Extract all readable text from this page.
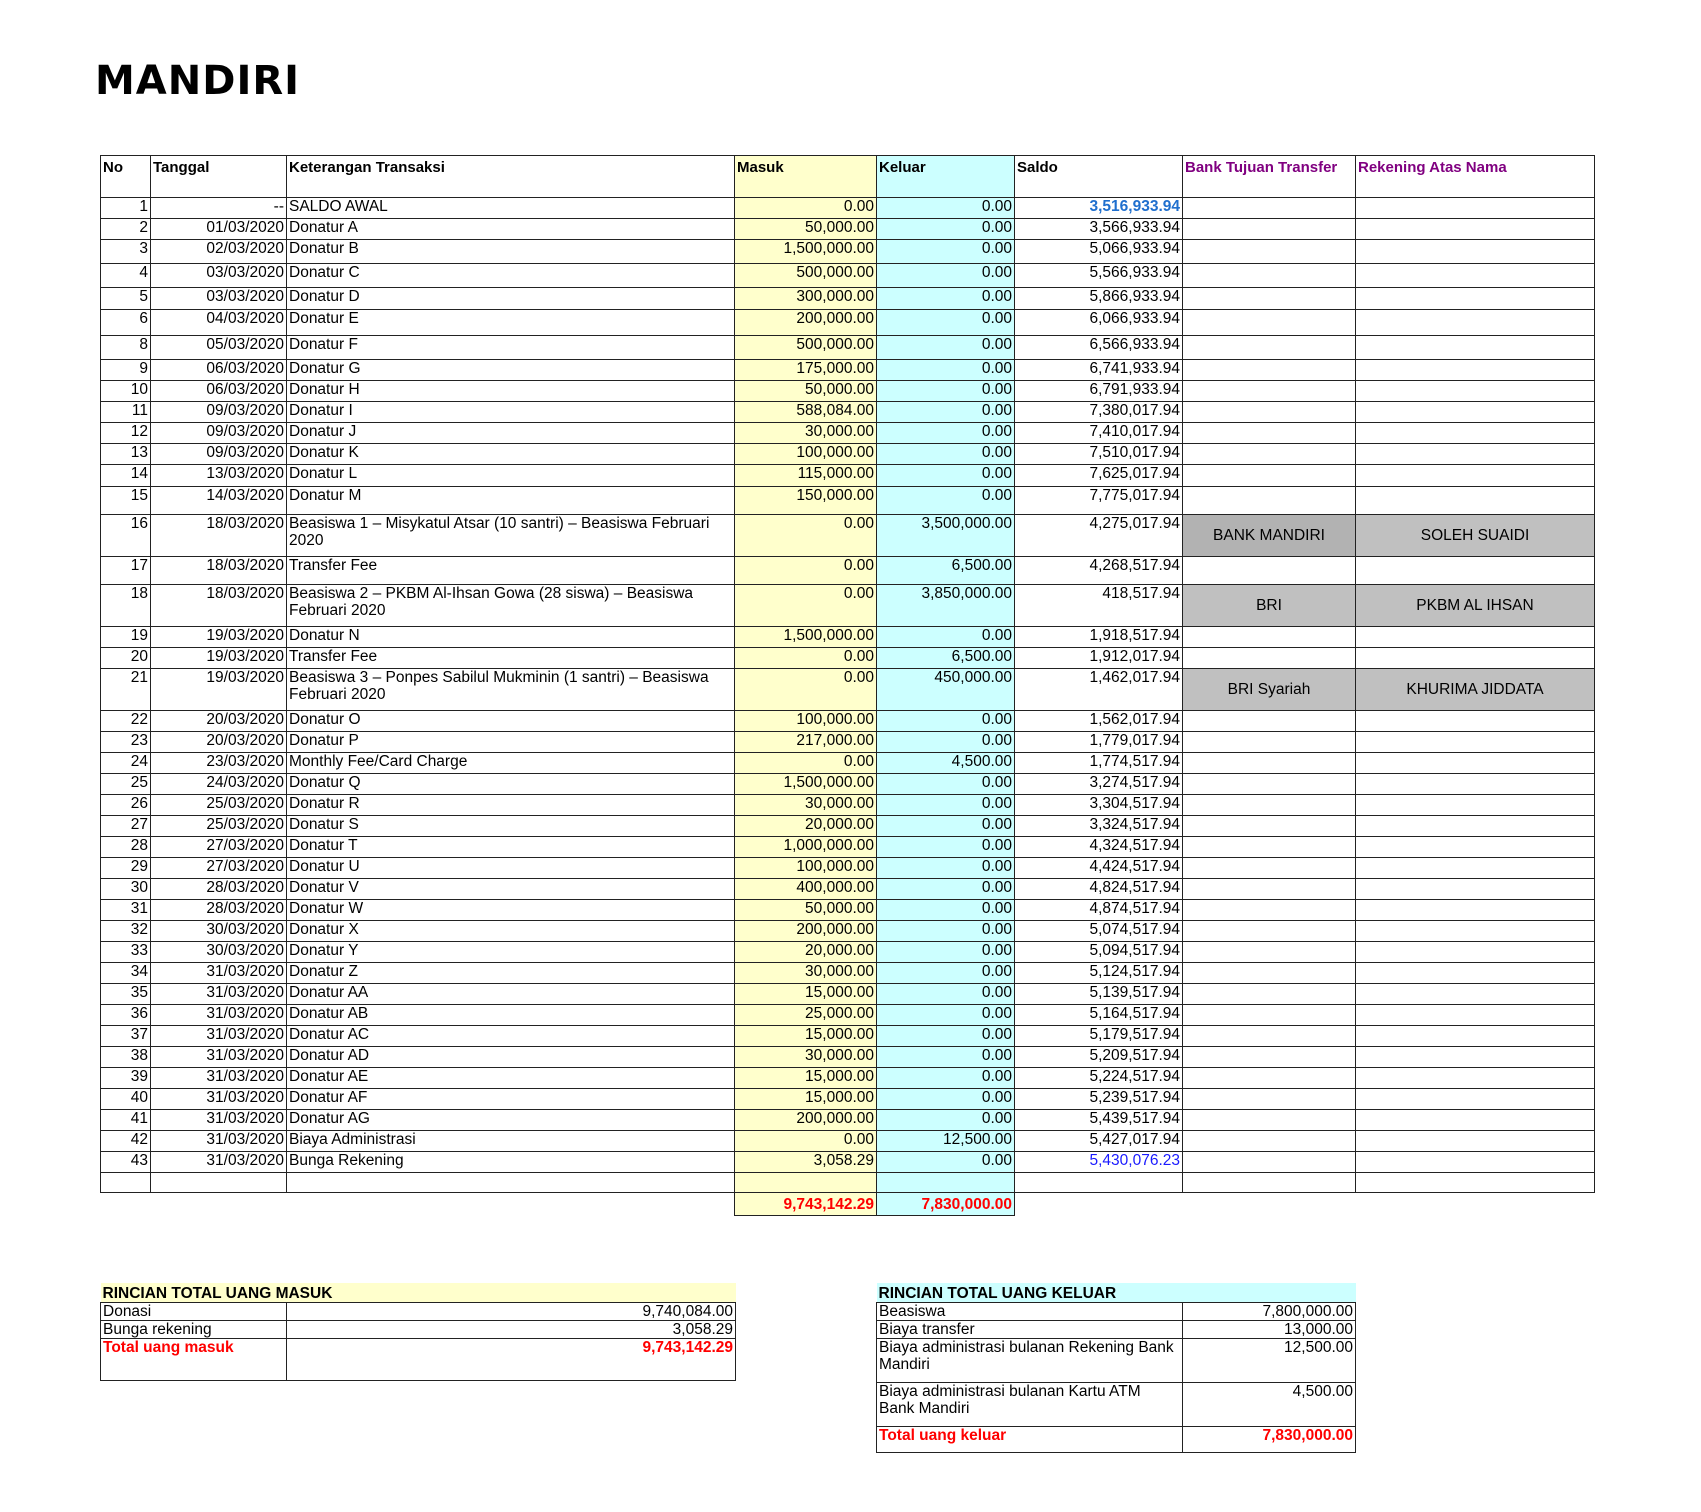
MANDIRI
No	Tanggal	Keterangan Transaksi	Masuk	Keluar	Saldo	Bank Tujuan Transfer	Rekening Atas Nama
1	--	SALDO AWAL	0.00	0.00	3,516,933.94		
2	01/03/2020	Donatur A	50,000.00	0.00	3,566,933.94		
3	02/03/2020	Donatur B	1,500,000.00	0.00	5,066,933.94		
4	03/03/2020	Donatur C	500,000.00	0.00	5,566,933.94		
5	03/03/2020	Donatur D	300,000.00	0.00	5,866,933.94		
6	04/03/2020	Donatur E	200,000.00	0.00	6,066,933.94		
8	05/03/2020	Donatur F	500,000.00	0.00	6,566,933.94		
9	06/03/2020	Donatur G	175,000.00	0.00	6,741,933.94		
10	06/03/2020	Donatur H	50,000.00	0.00	6,791,933.94		
11	09/03/2020	Donatur I	588,084.00	0.00	7,380,017.94		
12	09/03/2020	Donatur J	30,000.00	0.00	7,410,017.94		
13	09/03/2020	Donatur K	100,000.00	0.00	7,510,017.94		
14	13/03/2020	Donatur L	115,000.00	0.00	7,625,017.94		
15	14/03/2020	Donatur M	150,000.00	0.00	7,775,017.94		
16	18/03/2020	Beasiswa 1 – Misykatul Atsar (10 santri) – Beasiswa Februari 2020	0.00	3,500,000.00	4,275,017.94	BANK MANDIRI	SOLEH SUAIDI
17	18/03/2020	Transfer Fee	0.00	6,500.00	4,268,517.94		
18	18/03/2020	Beasiswa 2 – PKBM Al-Ihsan Gowa (28 siswa) – Beasiswa Februari 2020	0.00	3,850,000.00	418,517.94	BRI	PKBM AL IHSAN
19	19/03/2020	Donatur N	1,500,000.00	0.00	1,918,517.94		
20	19/03/2020	Transfer Fee	0.00	6,500.00	1,912,017.94		
21	19/03/2020	Beasiswa 3 – Ponpes Sabilul Mukminin (1 santri) – Beasiswa Februari 2020	0.00	450,000.00	1,462,017.94	BRI Syariah	KHURIMA JIDDATA
22	20/03/2020	Donatur O	100,000.00	0.00	1,562,017.94		
23	20/03/2020	Donatur P	217,000.00	0.00	1,779,017.94		
24	23/03/2020	Monthly Fee/Card Charge	0.00	4,500.00	1,774,517.94		
25	24/03/2020	Donatur Q	1,500,000.00	0.00	3,274,517.94		
26	25/03/2020	Donatur R	30,000.00	0.00	3,304,517.94		
27	25/03/2020	Donatur S	20,000.00	0.00	3,324,517.94		
28	27/03/2020	Donatur T	1,000,000.00	0.00	4,324,517.94		
29	27/03/2020	Donatur U	100,000.00	0.00	4,424,517.94		
30	28/03/2020	Donatur V	400,000.00	0.00	4,824,517.94		
31	28/03/2020	Donatur W	50,000.00	0.00	4,874,517.94		
32	30/03/2020	Donatur X	200,000.00	0.00	5,074,517.94		
33	30/03/2020	Donatur Y	20,000.00	0.00	5,094,517.94		
34	31/03/2020	Donatur Z	30,000.00	0.00	5,124,517.94		
35	31/03/2020	Donatur AA	15,000.00	0.00	5,139,517.94		
36	31/03/2020	Donatur AB	25,000.00	0.00	5,164,517.94		
37	31/03/2020	Donatur AC	15,000.00	0.00	5,179,517.94		
38	31/03/2020	Donatur AD	30,000.00	0.00	5,209,517.94		
39	31/03/2020	Donatur AE	15,000.00	0.00	5,224,517.94		
40	31/03/2020	Donatur AF	15,000.00	0.00	5,239,517.94		
41	31/03/2020	Donatur AG	200,000.00	0.00	5,439,517.94		
42	31/03/2020	Biaya Administrasi	0.00	12,500.00	5,427,017.94		
43	31/03/2020	Bunga Rekening	3,058.29	0.00	5,430,076.23		

			9,743,142.29	7,830,000.00			
RINCIAN TOTAL UANG MASUK	
Donasi	9,740,084.00
Bunga rekening	3,058.29
Total uang masuk	9,743,142.29
RINCIAN TOTAL UANG KELUAR	
Beasiswa	7,800,000.00
Biaya transfer	13,000.00
Biaya administrasi bulanan Rekening Bank Mandiri	12,500.00
Biaya administrasi bulanan Kartu ATM Bank Mandiri	4,500.00
Total uang keluar	7,830,000.00
